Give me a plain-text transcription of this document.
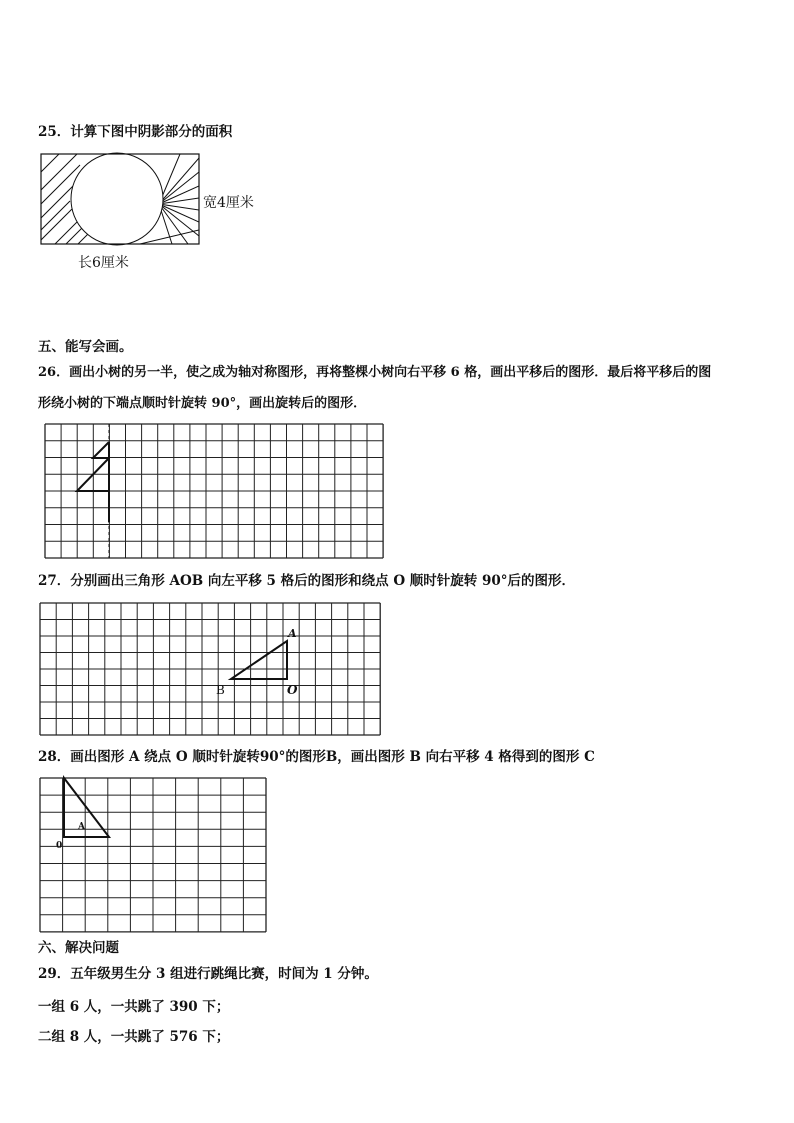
25．计算下图中阴影部分的面积
宽4厘米
长6厘米
五、能写会画。
26．画出小树的另一半，使之成为轴对称图形，再将整棵小树向右平移 6 格，画出平移后的图形．最后将平移后的图
形绕小树的下端点顺时针旋转 90°，画出旋转后的图形．
27．分别画出三角形 AOB 向左平移 5 格后的图形和绕点 O 顺时针旋转 90°后的图形．
A
B	O
28．画出图形 A 绕点 O 顺时针旋转90°的图形B，画出图形 B 向右平移 4 格得到的图形 C
A
0
六、解决问题
29．五年级男生分 3 组进行跳绳比赛，时间为 1 分钟。
一组 6 人，一共跳了 390 下；
二组 8 人，一共跳了 576 下；
